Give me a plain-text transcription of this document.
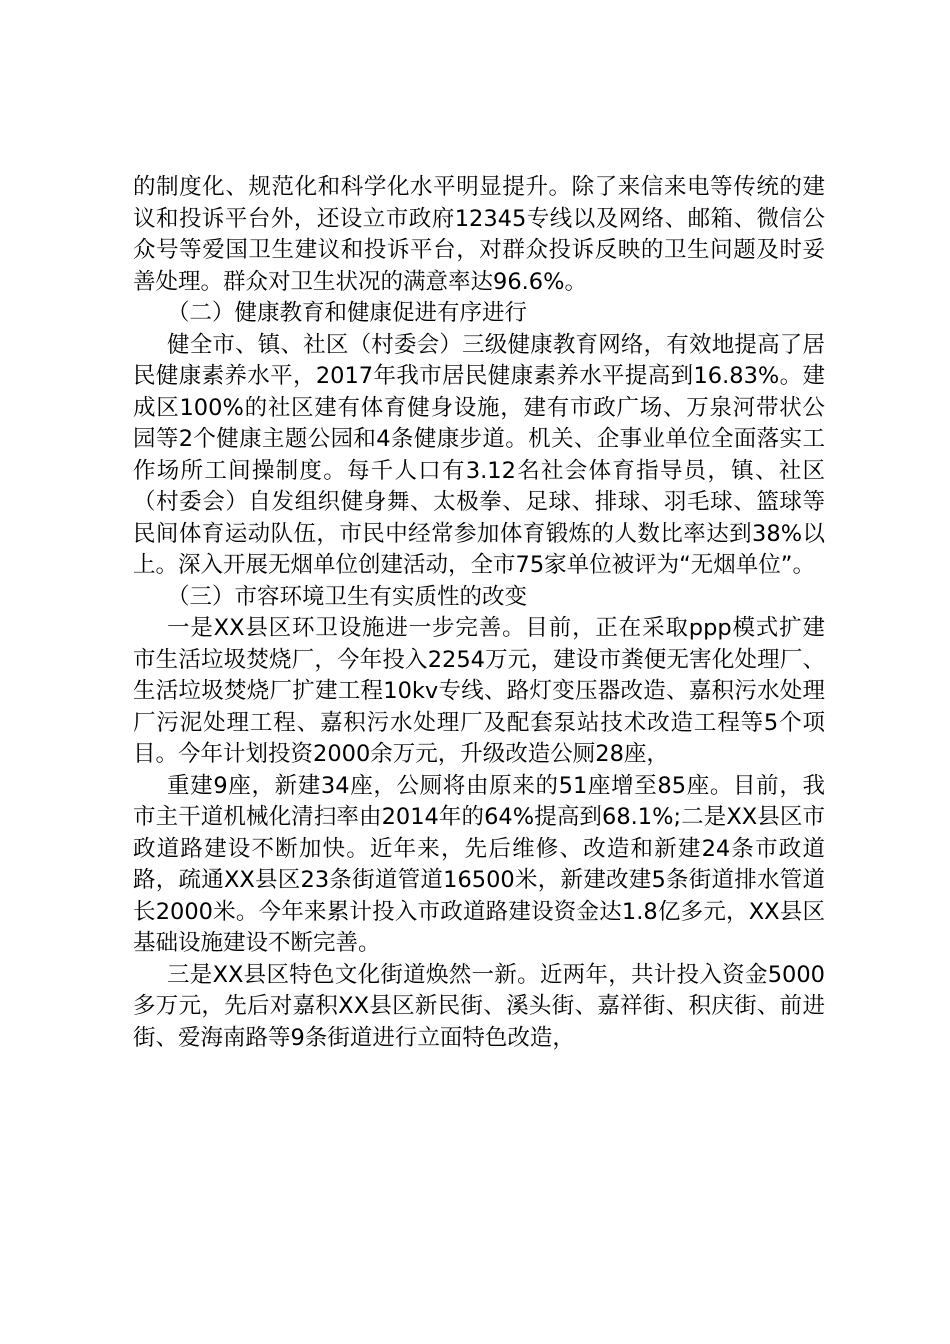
的制度化、规范化和科学化水平明显提升。除了来信来电等传统的建议和投诉平台外，还设立市政府12345专线以及网络、邮箱、微信公众号等爱国卫生建议和投诉平台，对群众投诉反映的卫生问题及时妥善处理。群众对卫生状况的满意率达96.6%。

（二）健康教育和健康促进有序进行

健全市、镇、社区（村委会）三级健康教育网络，有效地提高了居民健康素养水平，2017年我市居民健康素养水平提高到16.83%。建成区100%的社区建有体育健身设施，建有市政广场、万泉河带状公园等2个健康主题公园和4条健康步道。机关、企事业单位全面落实工作场所工间操制度。每千人口有3.12名社会体育指导员，镇、社区（村委会）自发组织健身舞、太极拳、足球、排球、羽毛球、篮球等民间体育运动队伍，市民中经常参加体育锻炼的人数比率达到38%以上。深入开展无烟单位创建活动，全市75家单位被评为“无烟单位”。

（三）市容环境卫生有实质性的改变

一是XX县区环卫设施进一步完善。目前，正在采取ppp模式扩建市生活垃圾焚烧厂，今年投入2254万元，建设市粪便无害化处理厂、生活垃圾焚烧厂扩建工程10kv专线、路灯变压器改造、嘉积污水处理厂污泥处理工程、嘉积污水处理厂及配套泵站技术改造工程等5个项目。今年计划投资2000余万元，升级改造公厕28座，

重建9座，新建34座，公厕将由原来的51座增至85座。目前，我市主干道机械化清扫率由2014年的64%提高到68.1%;二是XX县区市政道路建设不断加快。近年来，先后维修、改造和新建24条市政道路，疏通XX县区23条街道管道16500米，新建改建5条街道排水管道长2000米。今年来累计投入市政道路建设资金达1.8亿多元，XX县区基础设施建设不断完善。

三是XX县区特色文化街道焕然一新。近两年，共计投入资金5000多万元，先后对嘉积XX县区新民街、溪头街、嘉祥街、积庆街、前进街、爱海南路等9条街道进行立面特色改造，
